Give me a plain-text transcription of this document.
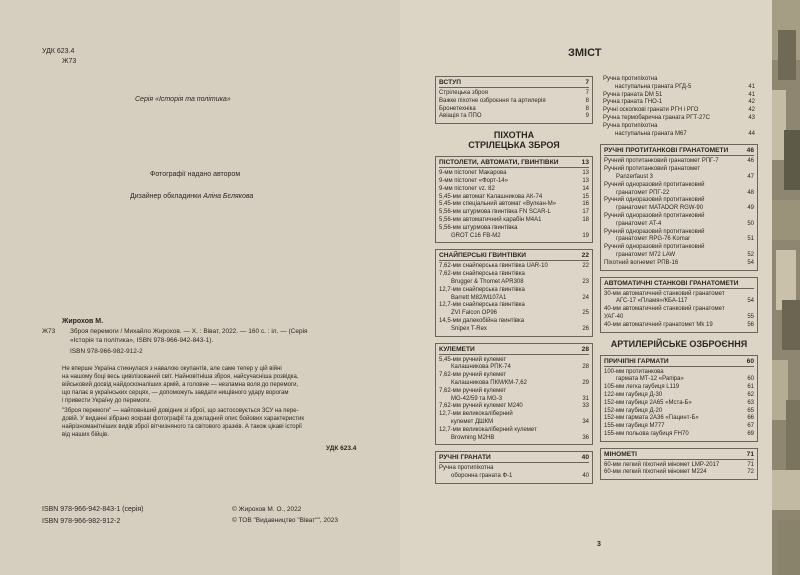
УДК 623.4
Ж73
Серія «Історія та політика»
Фотографії надано автором
Дизайнер обкладинки Аліна Бєлякова
Жирохов М.
Ж73 Зброя перемоги / Михайло Жирохов. — Х. : Віват, 2022. — 160 с. : іл. — (Серія
«Історія та політика», ISBN 978-966-942-843-1).
ISBN 978-966-982-912-2
Не вперше Україна стикнулася з навалою окупантів, але саме тепер у цій війні
на нашому боці весь цивілізований світ. Найновітніша зброя, найсучасніша розвідка,
військовий досвід найдосконаліших армій, а головне — незламна воля до перемоги,
що палає в українських серцях, — допоможуть завдати нищівного удару ворогам
і привести Україну до перемоги.
"Зброя перемоги" — найповніший довідник зі зброї, що застосовується ЗСУ на пере-
довій. У виданні зібрано яскраві фотографії та докладний опис бойових характеристик
найрізноманітніших видів зброї вітчизняного та світового зразків. А також цікаві історії
від наших бійців.
УДК 623.4
ISBN 978-966-942-843-1 (серія)
ISBN 978-966-982-912-2
© Жирохов М. О., 2022
© ТОВ "Видавництво "Віват"", 2023
ЗМІСТ
ВСТУП	7
Стрілецька зброя	7
Важке піхотне озброєння та артилерія	8
Бронетехніка	8
Авіація та ППО	9
ПІХОТНА
СТРІЛЕЦЬКА ЗБРОЯ
ПІСТОЛЕТИ, АВТОМАТИ, ГВИНТІВКИ	13
9-мм пістолет Макарова	13
9-мм пістолет «Форт-14»	13
9-мм пістолет vz. 82	14
5,45-мм автомат Калашникова АК-74	15
5,45-мм спеціальний автомат «Вулкан-М»	16
5,56-мм штурмова гвинтівка FN SCAR-L	17
5,56-мм автоматичний карабін M4A1	18
5,56-мм штурмова гвинтівка
GROT C16 FB-M2	19
СНАЙПЕРСЬКІ ГВИНТІВКИ	22
7,62-мм снайперська гвинтівка UAR-10	22
7,62-мм снайперська гвинтівка
Brugger & Thomet APR308	23
12,7-мм снайперська гвинтівка
Barrett M82/M107A1	24
12,7-мм снайперська гвинтівка
ZVI Falcon OP96	25
14,5-мм далекобійна гвинтівка
Snipex T-Rex	26
КУЛЕМЕТИ	28
5,45-мм ручний кулемет
Калашникова РПК-74	28
7,62-мм ручний кулемет
Калашникова ПКМ/КМ-7,62	29
7,62-мм ручний кулемет
MG-42/59 та MG-3	31
7,62-мм ручний кулемет M240	33
12,7-мм великокаліберний
кулемет ДШКМ	34
12,7-мм великокаліберний кулемет
Browning M2HB	36
РУЧНІ ГРАНАТИ	40
Ручна протипіхотна
оборонна граната Ф-1	40
Ручна протипіхотна
наступальна граната РГД-5	41
Ручна граната DM 51	41
Ручна граната ГНО-1	42
Ручні осколкові гранати РГН і РГО	42
Ручна термобарична граната РГТ-27С	43
Ручна протипіхотна
наступальна граната M67	44
РУЧНІ ПРОТИТАНКОВІ ГРАНАТОМЕТИ	46
Ручний протитанковий гранатомет РПГ-7	46
Ручний протитанковий гранатомет
Panzerfaust 3	47
Ручний одноразовий протитанковий
гранатомет РПГ-22	48
Ручний одноразовий протитанковий
гранатомет MATADOR RGW-90	49
Ручний одноразовий протитанковий
гранатомет AT-4	50
Ручний одноразовий протитанковий
гранатомет RPG-76 Komar	51
Ручний одноразовий протитанковий
гранатомет M72 LAW	52
Піхотний вогнемет РПВ-16	54
АВТОМАТИЧНІ СТАНКОВІ ГРАНАТОМЕТИ
30-мм автоматичний станковий гранатомет
АГС-17 «Пламя»/КБА-117	54
40-мм автоматичний станковий гранатомет УАГ-40	55
40-мм автоматичний гранатомет Mk 19	56
АРТИЛЕРІЙСЬКЕ ОЗБРОЄННЯ
ПРИЧІПНІ ГАРМАТИ	60
100-мм протитанкова
гармата МТ-12 «Рапіра»	60
105-мм легка гаубиця L119	61
122-мм гаубиця Д-30	62
152-мм гаубиця 2А65 «Мста-Б»	63
152-мм гаубиця Д-20	65
152-мм гармата 2А36 «Гіацинт-Б»	66
155-мм гаубиця M777	67
155-мм польова гаубиця FH70	69
МІНОМЕТІ	71
60-мм легкий піхотний міномет LMP-2017	71
60-мм легкий піхотний міномет M224	72
3
